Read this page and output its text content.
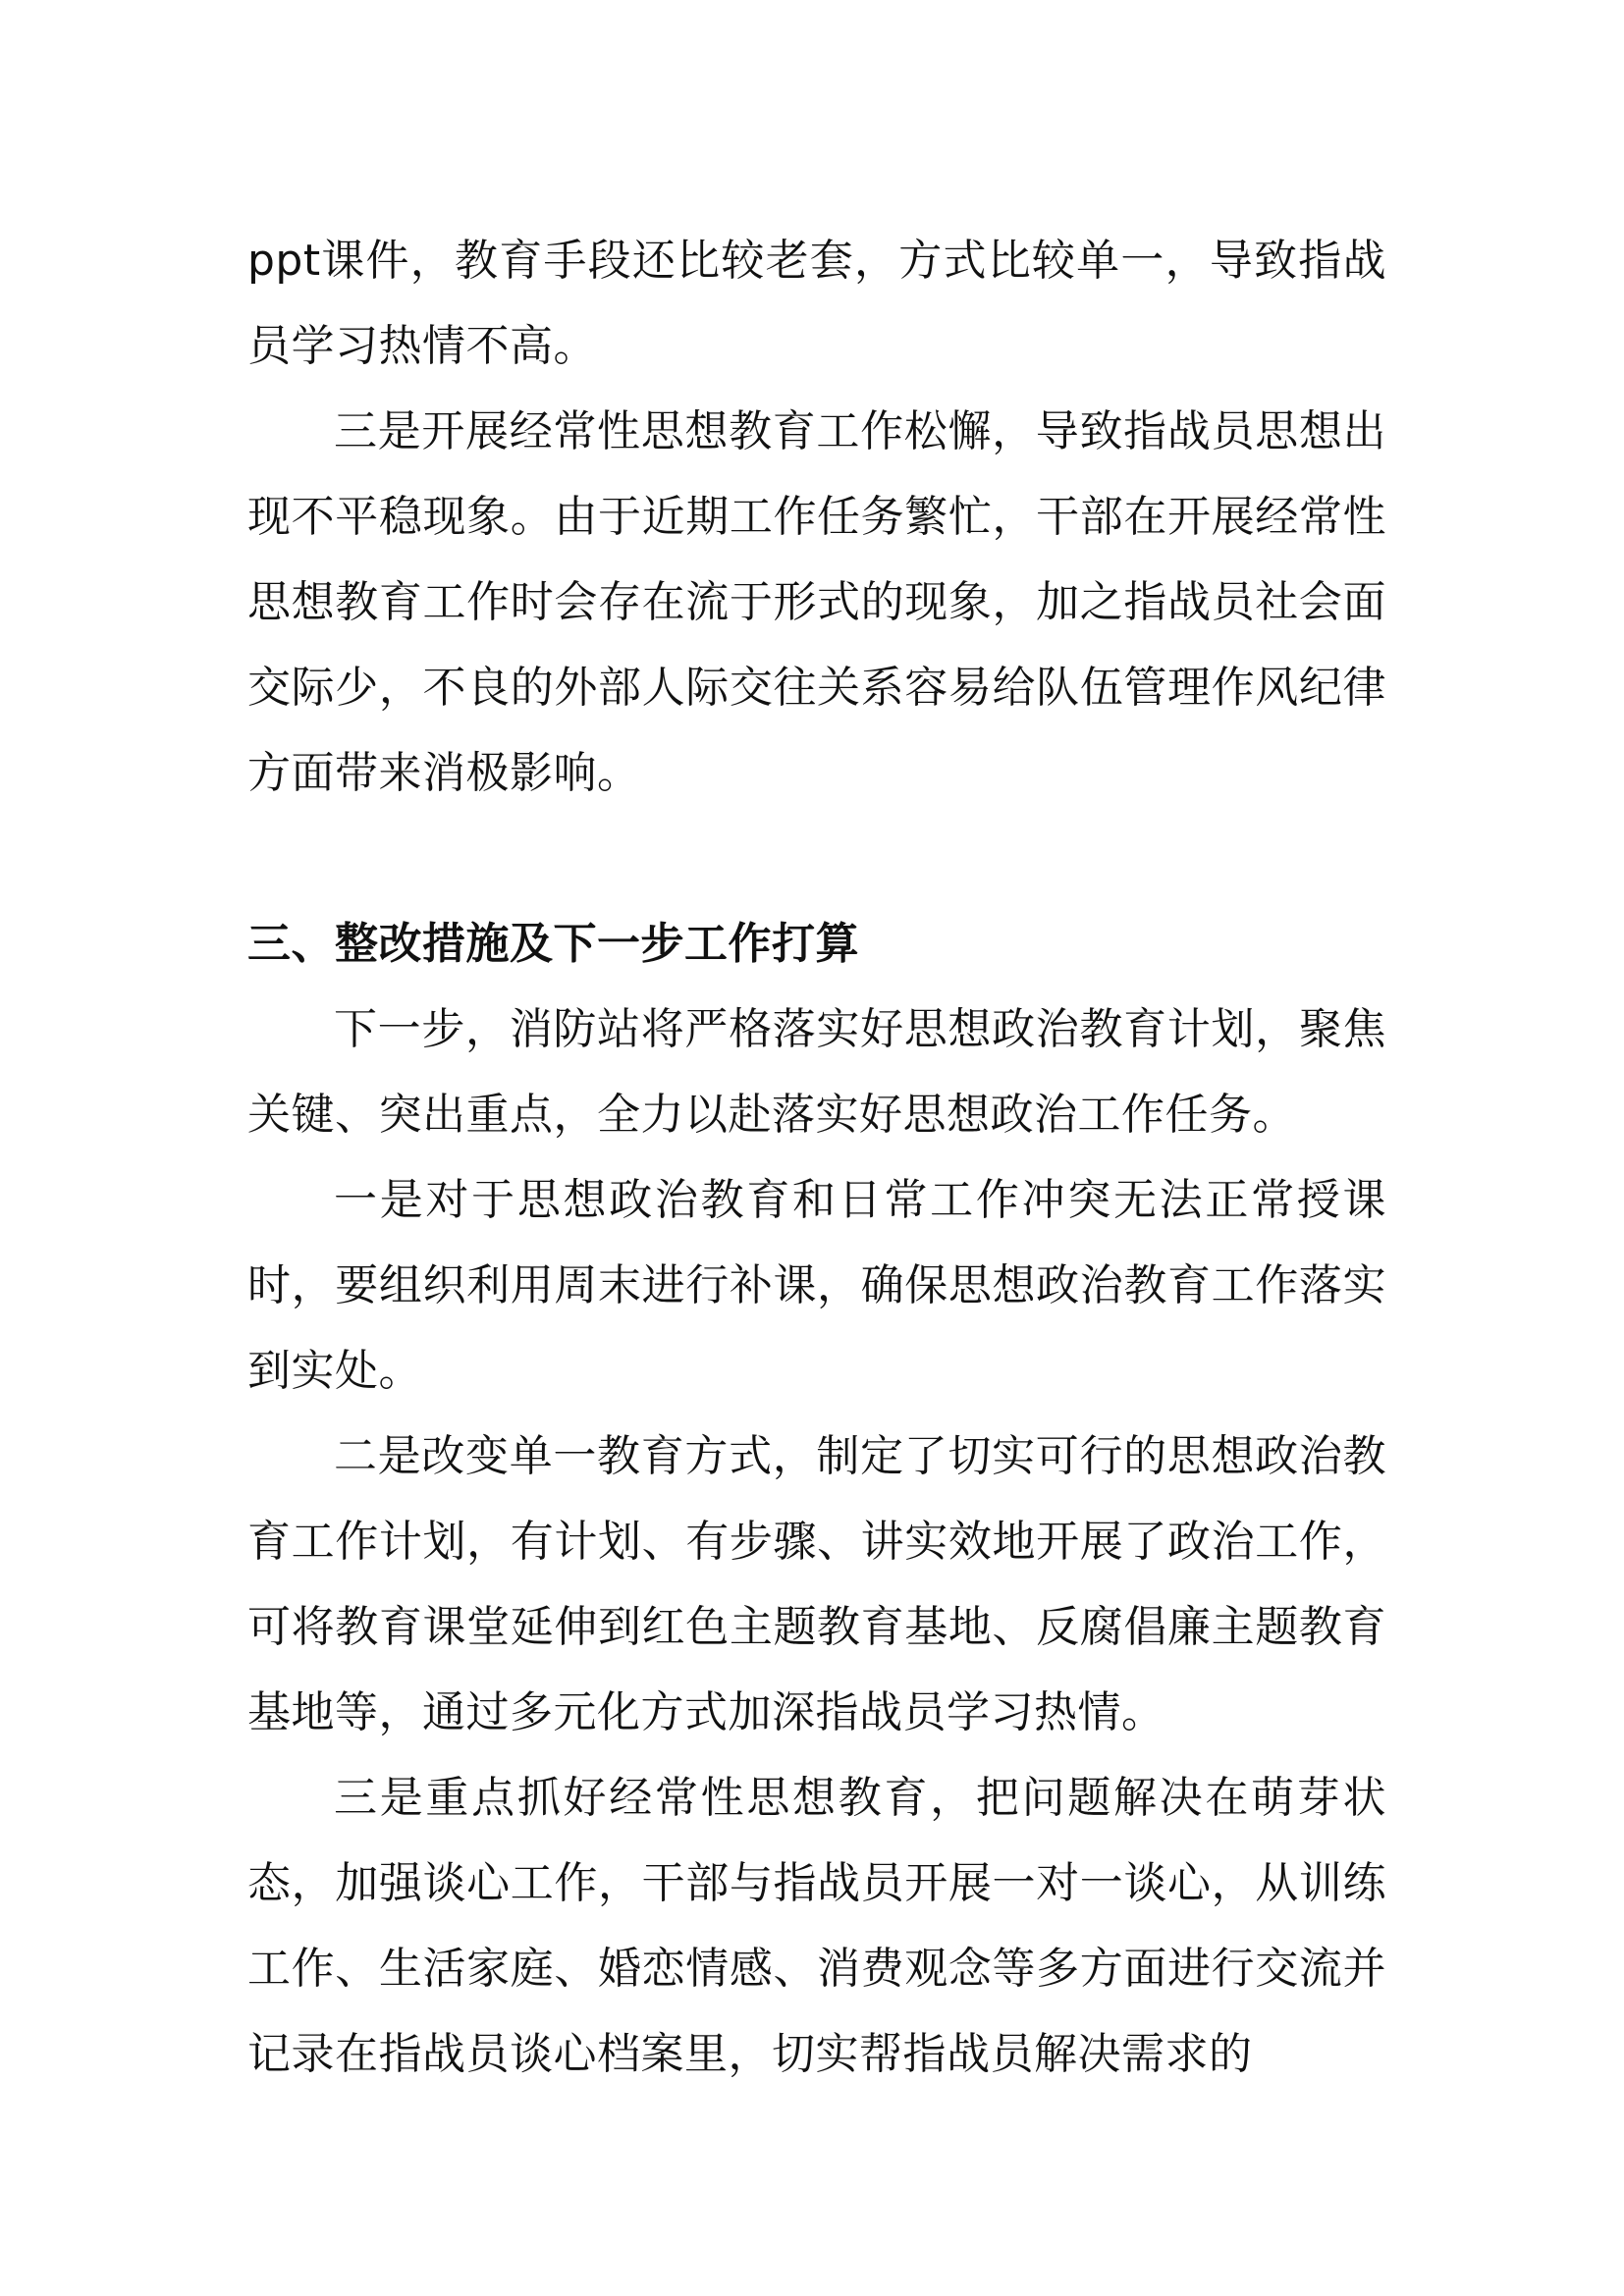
ppt课件，教育手段还比较老套，方式比较单一，导致指战员学习热情不高。

三是开展经常性思想教育工作松懈，导致指战员思想出现不平稳现象。由于近期工作任务繁忙，干部在开展经常性思想教育工作时会存在流于形式的现象，加之指战员社会面交际少，不良的外部人际交往关系容易给队伍管理作风纪律方面带来消极影响。

三、整改措施及下一步工作打算

下一步，消防站将严格落实好思想政治教育计划，聚焦关键、突出重点，全力以赴落实好思想政治工作任务。

一是对于思想政治教育和日常工作冲突无法正常授课时，要组织利用周末进行补课，确保思想政治教育工作落实到实处。

二是改变单一教育方式，制定了切实可行的思想政治教育工作计划，有计划、有步骤、讲实效地开展了政治工作，可将教育课堂延伸到红色主题教育基地、反腐倡廉主题教育基地等，通过多元化方式加深指战员学习热情。

三是重点抓好经常性思想教育，把问题解决在萌芽状态，加强谈心工作，干部与指战员开展一对一谈心，从训练工作、生活家庭、婚恋情感、消费观念等多方面进行交流并记录在指战员谈心档案里，切实帮指战员解决需求的
